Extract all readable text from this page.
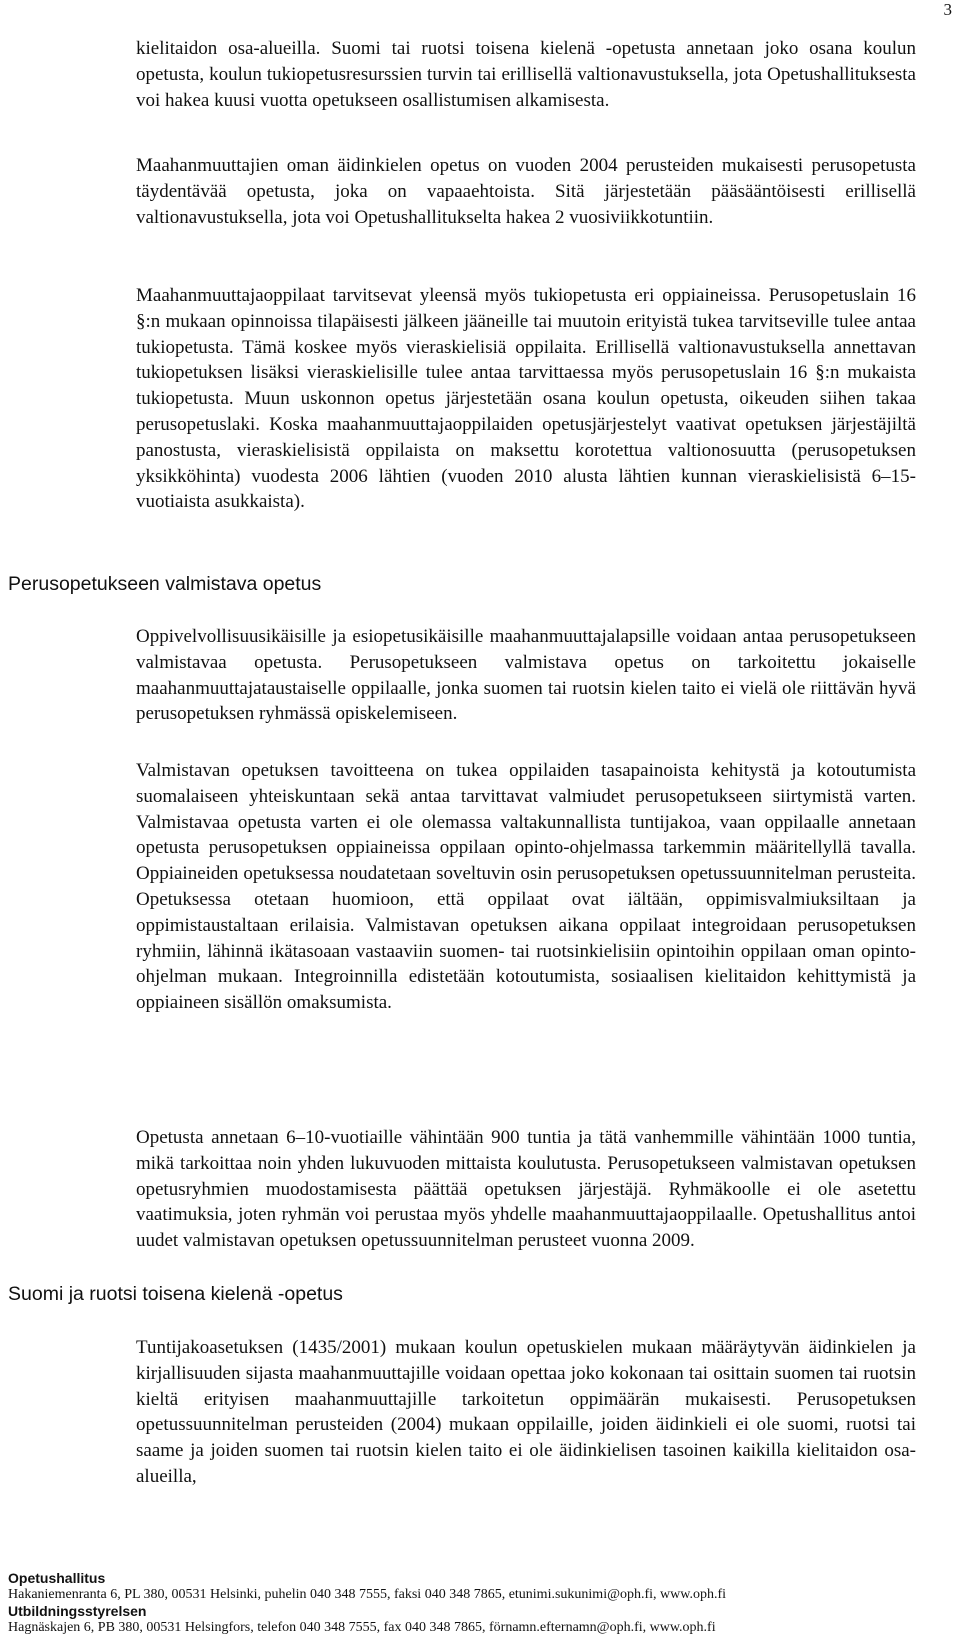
3

kielitaidon osa-alueilla. Suomi tai ruotsi toisena kielenä -opetusta annetaan joko osana koulun opetusta, koulun tukiopetusresurssien turvin tai erillisellä valtionavustuksella, jota Opetushallituksesta voi hakea kuusi vuotta opetukseen osallistumisen alkamisesta.

Maahanmuuttajien oman äidinkielen opetus on vuoden 2004 perusteiden mukaisesti perusopetusta täydentävää opetusta, joka on vapaaehtoista. Sitä järjestetään pääsääntöisesti erillisellä valtionavustuksella, jota voi Opetushallitukselta hakea 2 vuosiviikkotuntiin.

Maahanmuuttajaoppilaat tarvitsevat yleensä myös tukiopetusta eri oppiaineissa. Perusopetuslain 16 §:n mukaan opinnoissa tilapäisesti jälkeen jääneille tai muutoin erityistä tukea tarvitseville tulee antaa tukiopetusta. Tämä koskee myös vieraskielisiä oppilaita. Erillisellä valtionavustuksella annettavan tukiopetuksen lisäksi vieraskielisille tulee antaa tarvittaessa myös perusopetuslain 16 §:n mukaista tukiopetusta. Muun uskonnon opetus järjestetään osana koulun opetusta, oikeuden siihen takaa perusopetuslaki. Koska maahanmuuttajaoppilaiden opetusjärjestelyt vaativat opetuksen järjestäjiltä panostusta, vieraskielisistä oppilaista on maksettu korotettua valtionosuutta (perusopetuksen yksikköhinta) vuodesta 2006 lähtien (vuoden 2010 alusta lähtien kunnan vieraskielisistä 6–15-vuotiaista asukkaista).

Perusopetukseen valmistava opetus

Oppivelvollisuusikäisille ja esiopetusikäisille maahanmuuttajalapsille voidaan antaa perusopetukseen valmistavaa opetusta. Perusopetukseen valmistava opetus on tarkoitettu jokaiselle maahanmuuttajataustaiselle oppilaalle, jonka suomen tai ruotsin kielen taito ei vielä ole riittävän hyvä perusopetuksen ryhmässä opiskelemiseen.

Valmistavan opetuksen tavoitteena on tukea oppilaiden tasapainoista kehitystä ja kotoutumista suomalaiseen yhteiskuntaan sekä antaa tarvittavat valmiudet perusopetukseen siirtymistä varten. Valmistavaa opetusta varten ei ole olemassa valtakunnallista tuntijakoa, vaan oppilaalle annetaan opetusta perusopetuksen oppiaineissa oppilaan opinto-ohjelmassa tarkemmin määritellyllä tavalla. Oppiaineiden opetuksessa noudatetaan soveltuvin osin perusopetuksen opetussuunnitelman perusteita. Opetuksessa otetaan huomioon, että oppilaat ovat iältään, oppimisvalmiuksiltaan ja oppimistaustaltaan erilaisia. Valmistavan opetuksen aikana oppilaat integroidaan perusopetuksen ryhmiin, lähinnä ikätasoaan vastaaviin suomen- tai ruotsinkielisiin opintoihin oppilaan oman opinto-ohjelman mukaan. Integroinnilla edistetään kotoutumista, sosiaalisen kielitaidon kehittymistä ja oppiaineen sisällön omaksumista.

Opetusta annetaan 6–10-vuotiaille vähintään 900 tuntia ja tätä vanhemmille vähintään 1000 tuntia, mikä tarkoittaa noin yhden lukuvuoden mittaista koulutusta. Perusopetukseen valmistavan opetuksen opetusryhmien muodostamisesta päättää opetuksen järjestäjä. Ryhmäkoolle ei ole asetettu vaatimuksia, joten ryhmän voi perustaa myös yhdelle maahanmuuttajaoppilaalle. Opetushallitus antoi uudet valmistavan opetuksen opetussuunnitelman perusteet vuonna 2009.

Suomi ja ruotsi toisena kielenä -opetus

Tuntijakoasetuksen (1435/2001) mukaan koulun opetuskielen mukaan määräytyvän äidinkielen ja kirjallisuuden sijasta maahanmuuttajille voidaan opettaa joko kokonaan tai osittain suomen tai ruotsin kieltä erityisen maahanmuuttajille tarkoitetun oppimäärän mukaisesti. Perusopetuksen opetussuunnitelman perusteiden (2004) mukaan oppilaille, joiden äidinkieli ei ole suomi, ruotsi tai saame ja joiden suomen tai ruotsin kielen taito ei ole äidinkielisen tasoinen kaikilla kielitaidon osa-alueilla,

Opetushallitus
Hakaniemenranta 6, PL 380, 00531 Helsinki, puhelin 040 348 7555, faksi 040 348 7865, etunimi.sukunimi@oph.fi, www.oph.fi
Utbildningsstyrelsen
Hagnäskajen 6, PB 380, 00531 Helsingfors, telefon 040 348 7555, fax 040 348 7865, förnamn.efternamn@oph.fi, www.oph.fi
